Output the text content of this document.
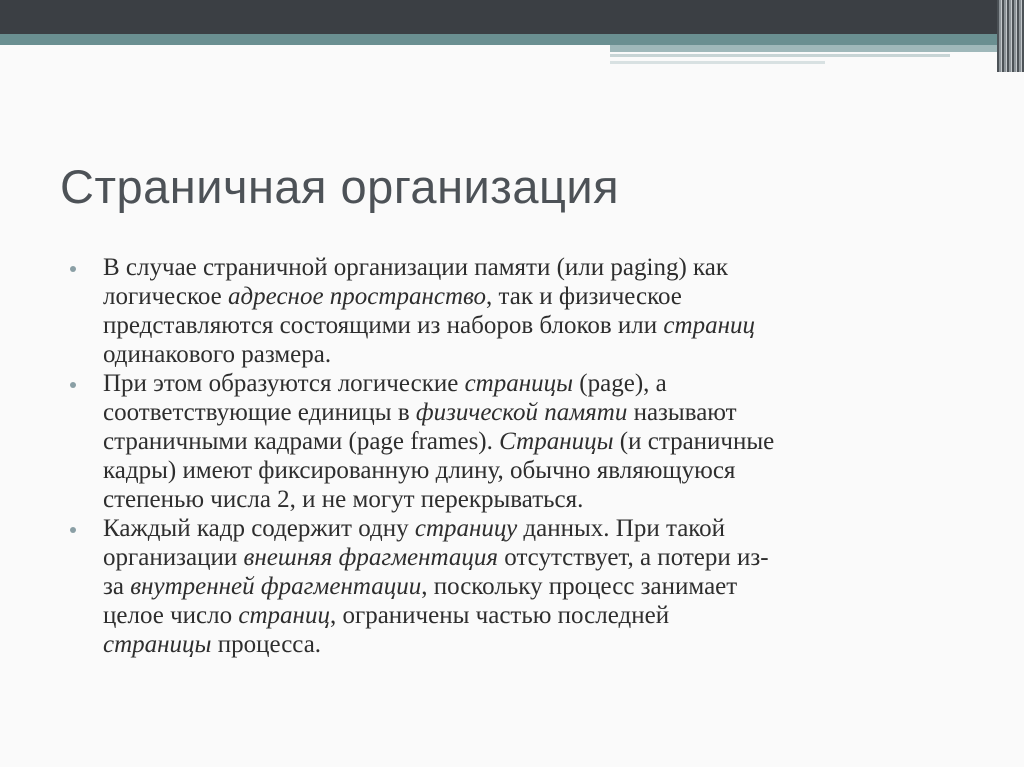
Страничная организация
В случае страничной организации памяти (или paging) как
логическое адресное пространство, так и физическое
представляются состоящими из наборов блоков или страниц
одинакового размера.
При этом образуются логические страницы (page), а
соответствующие единицы в физической памяти называют
страничными кадрами (page frames). Страницы (и страничные
кадры) имеют фиксированную длину, обычно являющуюся
степенью числа 2, и не могут перекрываться.
Каждый кадр содержит одну страницу данных. При такой
организации внешняя фрагментация отсутствует, а потери из-
за внутренней фрагментации, поскольку процесс занимает
целое число страниц, ограничены частью последней
страницы процесса.
